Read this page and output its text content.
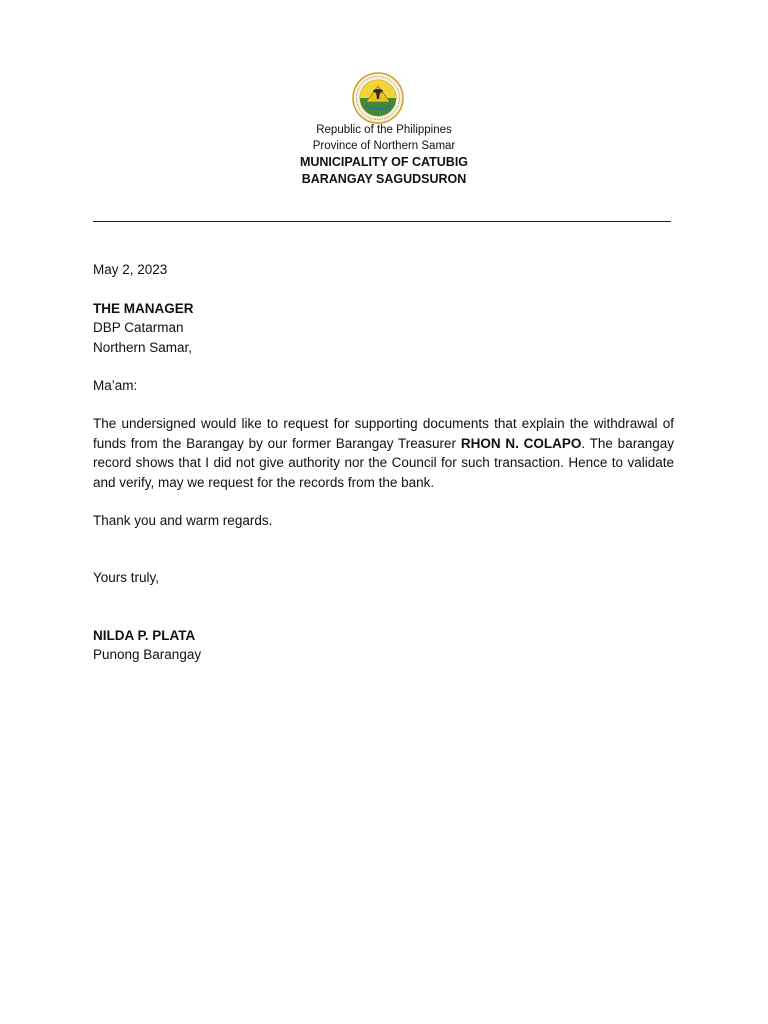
Republic of the Philippines
Province of Northern Samar
MUNICIPALITY OF CATUBIG
BARANGAY SAGUDSURON
May 2, 2023
THE MANAGER
DBP Catarman
Northern Samar,
Ma’am:
The undersigned would like to request for supporting documents that explain the withdrawal of funds from the Barangay by our former Barangay Treasurer RHON N. COLAPO. The barangay record shows that I did not give authority nor the Council for such transaction. Hence to validate and verify, may we request for the records from the bank.
Thank you and warm regards.
Yours truly,
NILDA P. PLATA
Punong Barangay
